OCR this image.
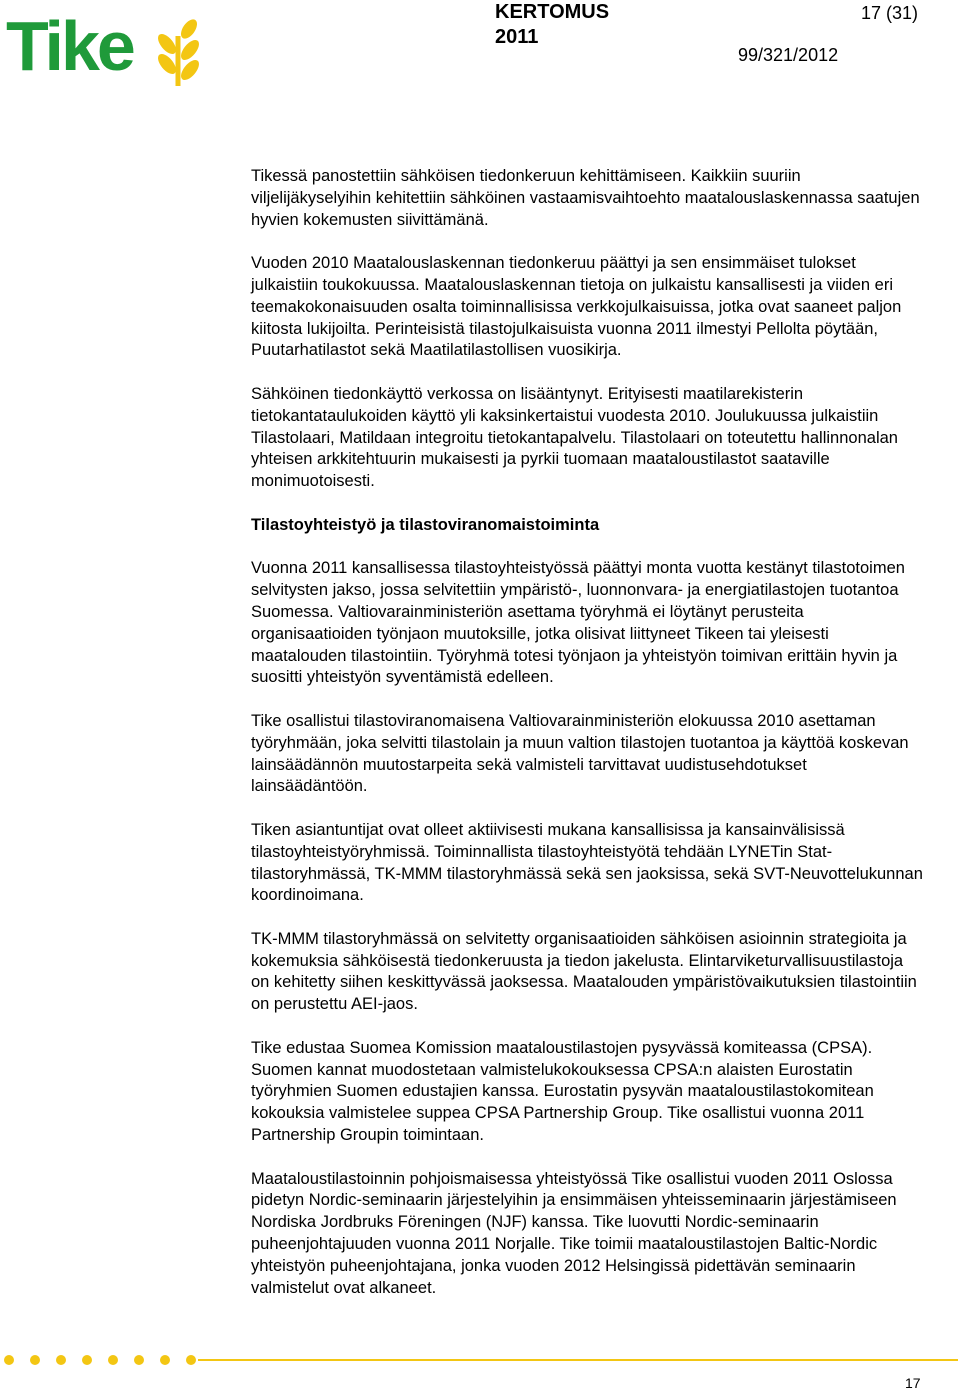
Tike	KERTOMUS
2011
17 (31)
99/321/2012

Tikessä panostettiin sähköisen tiedonkeruun kehittämiseen. Kaikkiin suuriin viljelijäkyselyihin kehitettiin sähköinen vastaamisvaihtoehto maatalouslaskennassa saatujen hyvien kokemusten siivittämänä.

Vuoden 2010 Maatalouslaskennan tiedonkeruu päättyi ja sen ensimmäiset tulokset julkaistiin toukokuussa. Maatalouslaskennan tietoja on julkaistu kansallisesti ja viiden eri teemakokonaisuuden osalta toiminnallisissa verkkojulkaisuissa, jotka ovat saaneet paljon kiitosta lukijoilta. Perinteisistä tilastojulkaisuista vuonna 2011 ilmestyi Pellolta pöytään, Puutarhatilastot sekä Maatilatilastollisen vuosikirja.

Sähköinen tiedonkäyttö verkossa on lisääntynyt. Erityisesti maatilarekisterin tietokantataulukoiden käyttö yli kaksinkertaistui vuodesta 2010. Joulukuussa julkaistiin Tilastolaari, Matildaan integroitu tietokantapalvelu. Tilastolaari on toteutettu hallinnonalan yhteisen arkkitehtuurin mukaisesti ja pyrkii tuomaan maataloustilastot saataville monimuotoisesti.

Tilastoyhteistyö ja tilastoviranomaistoiminta

Vuonna 2011 kansallisessa tilastoyhteistyössä päättyi monta vuotta kestänyt tilastotoimen selvitysten jakso, jossa selvitettiin ympäristö-, luonnonvara- ja energiatilastojen tuotantoa Suomessa. Valtiovarainministeriön asettama työryhmä ei löytänyt perusteita organisaatioiden työnjaon muutoksille, jotka olisivat liittyneet Tikeen tai yleisesti maatalouden tilastointiin. Työryhmä totesi työnjaon ja yhteistyön toimivan erittäin hyvin ja suositti yhteistyön syventämistä edelleen.

Tike osallistui tilastoviranomaisena Valtiovarainministeriön elokuussa 2010 asettaman työryhmään, joka selvitti tilastolain ja muun valtion tilastojen tuotantoa ja käyttöä koskevan lainsäädännön muutostarpeita sekä valmisteli tarvittavat uudistusehdotukset lainsäädäntöön.

Tiken asiantuntijat ovat olleet aktiivisesti mukana kansallisissa ja kansainvälisissä tilastoyhteistyöryhmissä. Toiminnallista tilastoyhteistyötä tehdään LYNETin Stat-tilastoryhmässä, TK-MMM tilastoryhmässä sekä sen jaoksissa, sekä SVT-Neuvottelukunnan koordinoimana.

TK-MMM tilastoryhmässä on selvitetty organisaatioiden sähköisen asioinnin strategioita ja kokemuksia sähköisestä tiedonkeruusta ja tiedon jakelusta. Elintarviketurvallisuustilastoja on kehitetty siihen keskittyvässä jaoksessa. Maatalouden ympäristövaikutuksien tilastointiin on perustettu AEI-jaos.

Tike edustaa Suomea Komission maataloustilastojen pysyvässä komiteassa (CPSA). Suomen kannat muodostetaan valmistelukokouksessa CPSA:n alaisten Eurostatin työryhmien Suomen edustajien kanssa. Eurostatin pysyvän maataloustilastokomitean kokouksia valmistelee suppea CPSA Partnership Group. Tike osallistui vuonna 2011 Partnership Groupin toimintaan.

Maataloustilastoinnin pohjoismaisessa yhteistyössä Tike osallistui vuoden 2011 Oslossa pidetyn Nordic-seminaarin järjestelyihin ja ensimmäisen yhteisseminaarin järjestämiseen Nordiska Jordbruks Föreningen (NJF) kanssa. Tike luovutti Nordic-seminaarin puheenjohtajuuden vuonna 2011 Norjalle. Tike toimii maataloustilastojen Baltic-Nordic yhteistyön puheenjohtajana, jonka vuoden 2012 Helsingissä pidettävän seminaarin valmistelut ovat alkaneet.

17
